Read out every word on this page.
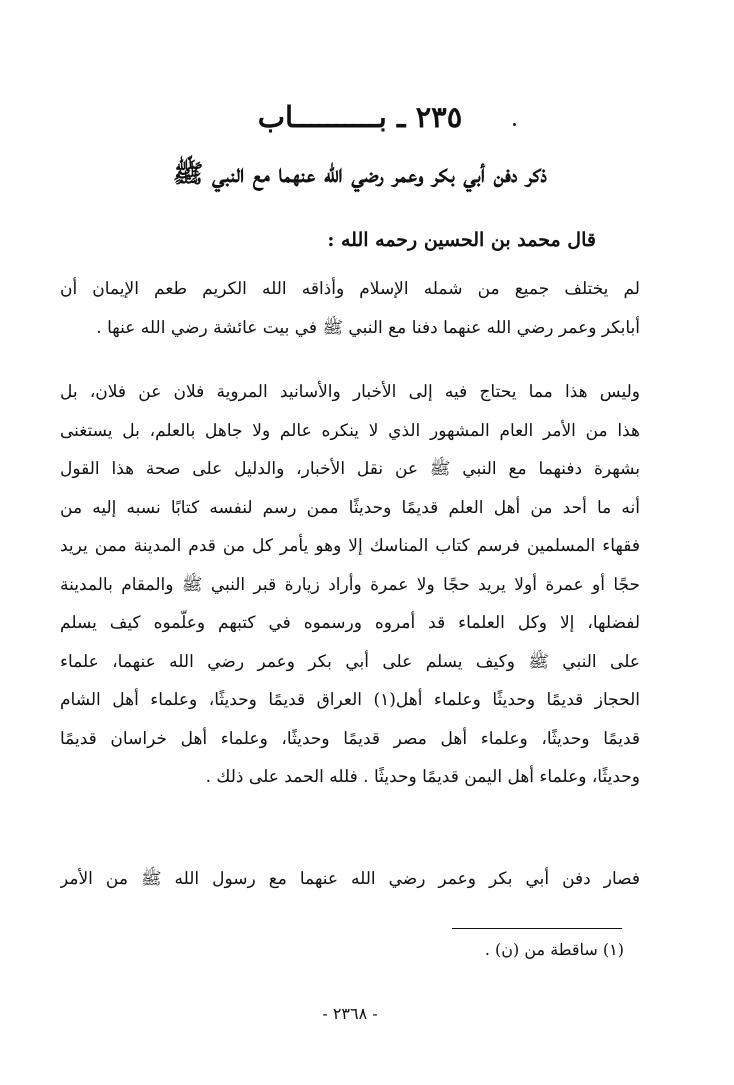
٢٣٥ ـ بــــــــــاب
ذكر دفن أبي بكر وعمر رضي الله عنهما مع النبي ﷺ
قال محمد بن الحسين رحمه الله :
لم يختلف جميع من شمله الإسلام وأذاقه الله الكريم طعم الإيمان أن
أبابكر وعمر رضي الله عنهما دفنا مع النبي ﷺ في بيت عائشة رضي الله عنها .
وليس هذا مما يحتاج فيه إلى الأخبار والأسانيد المروية فلان عن فلان، بل
هذا من الأمر العام المشهور الذي لا ينكره عالم ولا جاهل بالعلم، بل يستغنى
بشهرة دفنهما مع النبي ﷺ عن نقل الأخبار، والدليل على صحة هذا القول
أنه ما أحد من أهل العلم قديمًا وحديثًا ممن رسم لنفسه كتابًا نسبه إليه من
فقهاء المسلمين فرسم كتاب المناسك إلا وهو يأمر كل من قدم المدينة ممن يريد
حجًا أو عمرة أولا يريد حجًا ولا عمرة وأراد زيارة قبر النبي ﷺ والمقام بالمدينة
لفضلها، إلا وكل العلماء قد أمروه ورسموه في كتبهم وعلّموه كيف يسلم
على النبي ﷺ وكيف يسلم على أبي بكر وعمر رضي الله عنهما، علماء
الحجاز قديمًا وحديثًا وعلماء أهل(١) العراق قديمًا وحديثًا، وعلماء أهل الشام
قديمًا وحديثًا، وعلماء أهل مصر قديمًا وحديثًا، وعلماء أهل خراسان قديمًا
وحديثًا، وعلماء أهل اليمن قديمًا وحديثًا . فلله الحمد على ذلك .
فصار دفن أبي بكر وعمر رضي الله عنهما مع رسول الله ﷺ من الأمر
(١) ساقطة من (ن) .
- ٢٣٦٨ -
